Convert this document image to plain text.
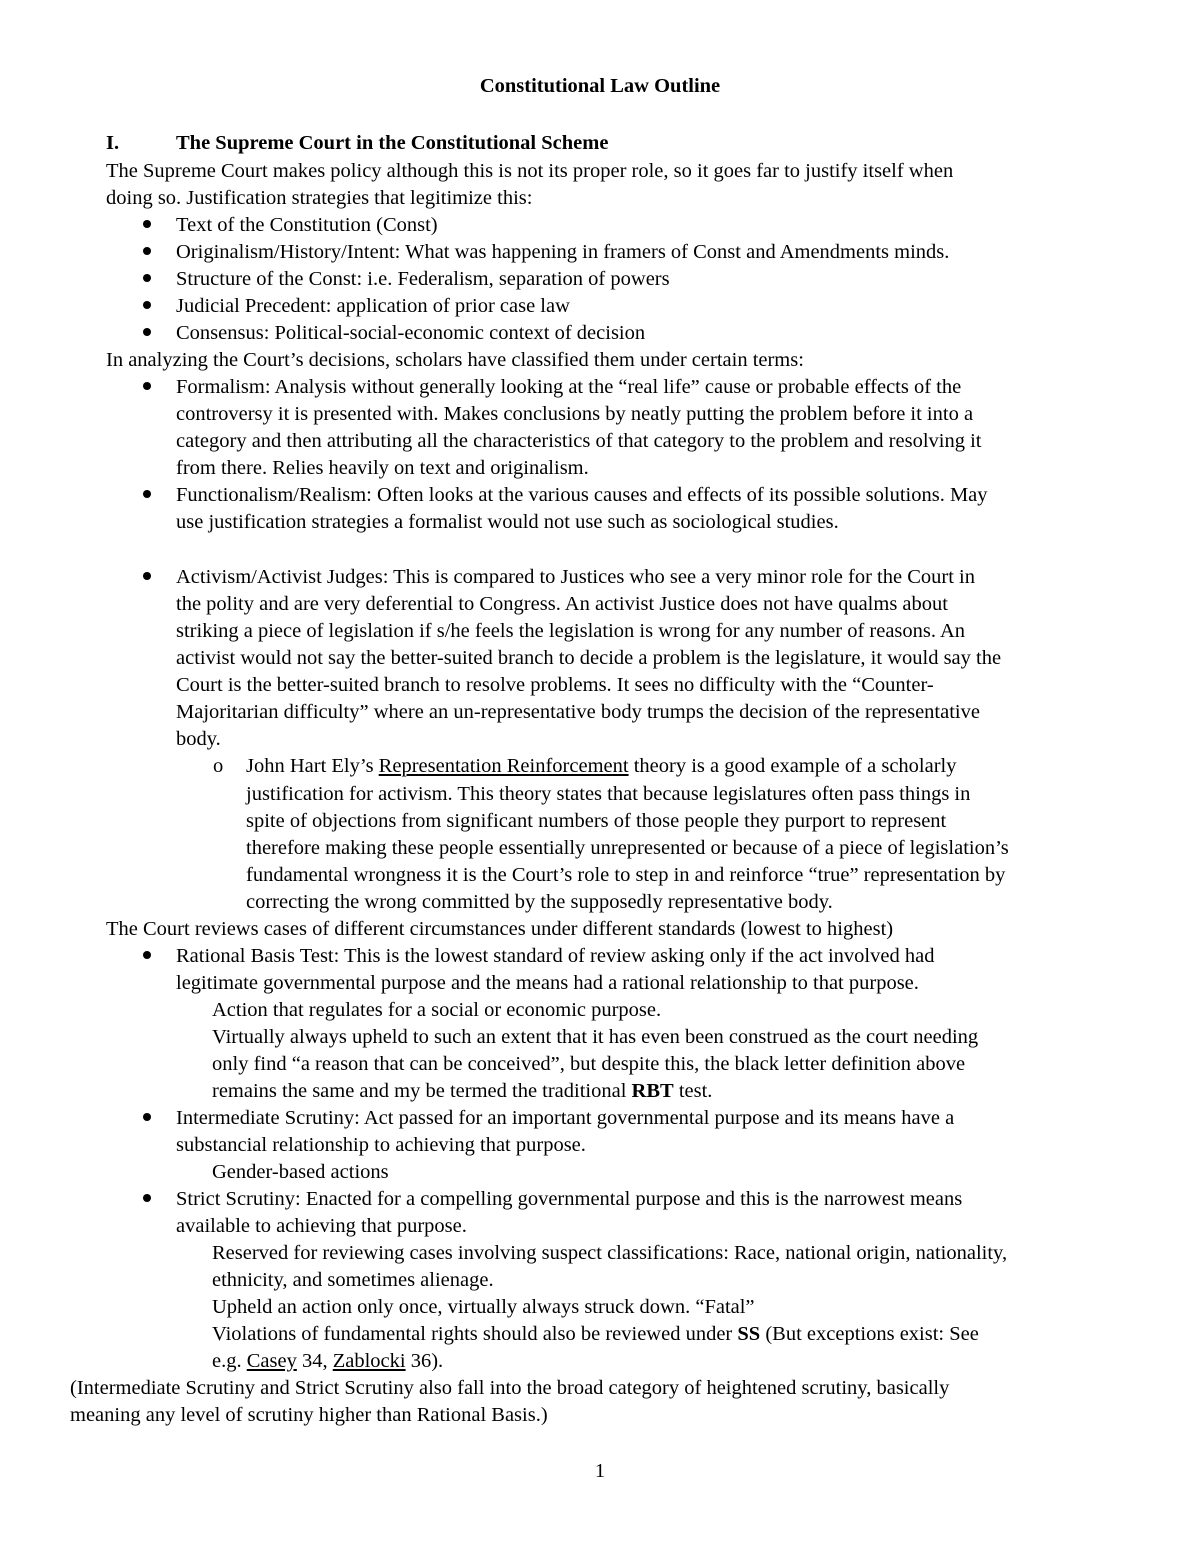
Constitutional Law Outline
I.	The Supreme Court in the Constitutional Scheme
The Supreme Court makes policy although this is not its proper role, so it goes far to justify itself when
doing so. Justification strategies that legitimize this:
Text of the Constitution (Const)
Originalism/History/Intent: What was happening in framers of Const and Amendments minds.
Structure of the Const: i.e. Federalism, separation of powers
Judicial Precedent: application of prior case law
Consensus: Political-social-economic context of decision
In analyzing the Court’s decisions, scholars have classified them under certain terms:
Formalism: Analysis without generally looking at the “real life” cause or probable effects of the
controversy it is presented with. Makes conclusions by neatly putting the problem before it into a
category and then attributing all the characteristics of that category to the problem and resolving it
from there. Relies heavily on text and originalism.
Functionalism/Realism: Often looks at the various causes and effects of its possible solutions. May
use justification strategies a formalist would not use such as sociological studies.
Activism/Activist Judges: This is compared to Justices who see a very minor role for the Court in
the polity and are very deferential to Congress. An activist Justice does not have qualms about
striking a piece of legislation if s/he feels the legislation is wrong for any number of reasons. An
activist would not say the better-suited branch to decide a problem is the legislature, it would say the
Court is the better-suited branch to resolve problems. It sees no difficulty with the “Counter-
Majoritarian difficulty” where an un-representative body trumps the decision of the representative
body.
o John Hart Ely’s Representation Reinforcement theory is a good example of a scholarly
justification for activism. This theory states that because legislatures often pass things in
spite of objections from significant numbers of those people they purport to represent
therefore making these people essentially unrepresented or because of a piece of legislation’s
fundamental wrongness it is the Court’s role to step in and reinforce “true” representation by
correcting the wrong committed by the supposedly representative body.
The Court reviews cases of different circumstances under different standards (lowest to highest)
Rational Basis Test: This is the lowest standard of review asking only if the act involved had
legitimate governmental purpose and the means had a rational relationship to that purpose.
Action that regulates for a social or economic purpose.
Virtually always upheld to such an extent that it has even been construed as the court needing
only find “a reason that can be conceived”, but despite this, the black letter definition above
remains the same and my be termed the traditional RBT test.
Intermediate Scrutiny: Act passed for an important governmental purpose and its means have a
substancial relationship to achieving that purpose.
Gender-based actions
Strict Scrutiny: Enacted for a compelling governmental purpose and this is the narrowest means
available to achieving that purpose.
Reserved for reviewing cases involving suspect classifications: Race, national origin, nationality,
ethnicity, and sometimes alienage.
Upheld an action only once, virtually always struck down. “Fatal”
Violations of fundamental rights should also be reviewed under SS (But exceptions exist: See
e.g. Casey 34, Zablocki 36).
(Intermediate Scrutiny and Strict Scrutiny also fall into the broad category of heightened scrutiny, basically
meaning any level of scrutiny higher than Rational Basis.)
1
